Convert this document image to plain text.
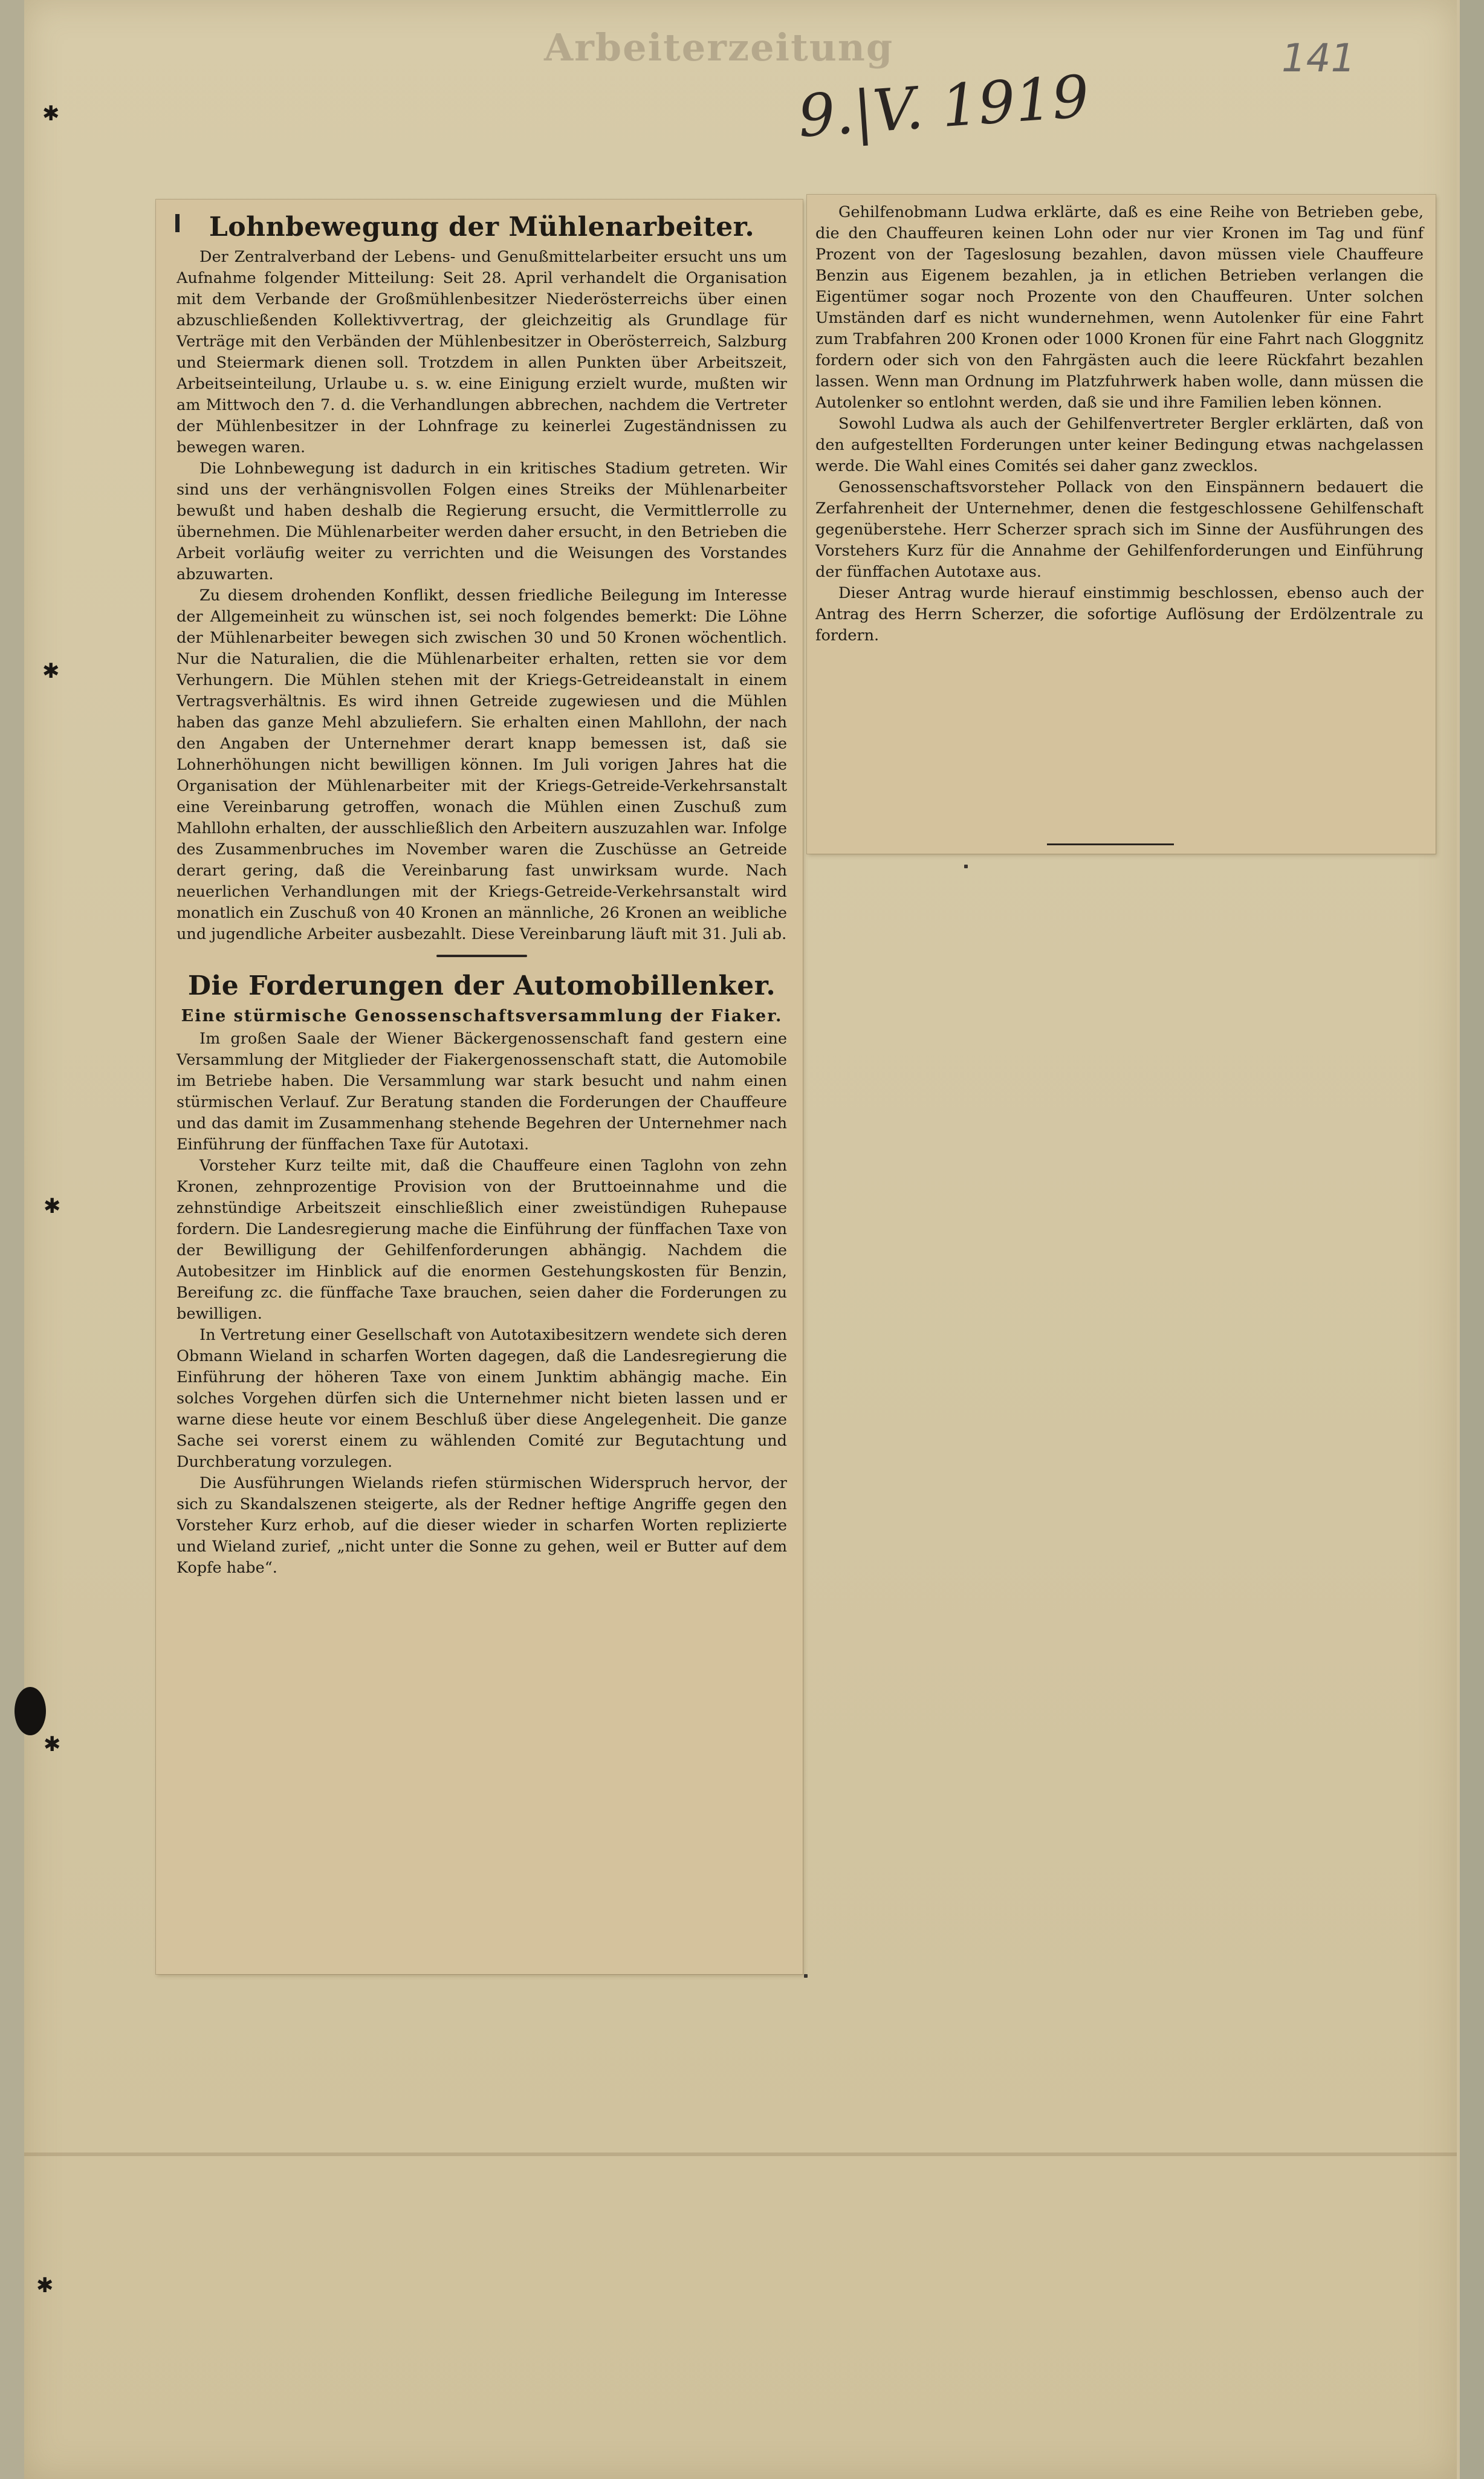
Arbeiterzeitung
9.|V. 1919
141
✱
✱
✱
✱
✱
Lohnbewegung der Mühlenarbeiter.

Der Zentralverband der Lebens- und Genußmittelarbeiter ersucht uns um Aufnahme folgender Mitteilung: Seit 28. April verhandelt die Organisation mit dem Verbande der Großmühlenbesitzer Niederösterreichs über einen abzuschließenden Kollektivvertrag, der gleichzeitig als Grundlage für Verträge mit den Verbänden der Mühlenbesitzer in Oberösterreich, Salzburg und Steiermark dienen soll. Trotzdem in allen Punkten über Arbeitszeit, Arbeitseinteilung, Urlaube u. s. w. eine Einigung erzielt wurde, mußten wir am Mittwoch den 7. d. die Verhandlungen abbrechen, nachdem die Vertreter der Mühlenbesitzer in der Lohnfrage zu keinerlei Zugeständnissen zu bewegen waren.

Die Lohnbewegung ist dadurch in ein kritisches Stadium getreten. Wir sind uns der verhängnisvollen Folgen eines Streiks der Mühlenarbeiter bewußt und haben deshalb die Regierung ersucht, die Vermittlerrolle zu übernehmen. Die Mühlenarbeiter werden daher ersucht, in den Betrieben die Arbeit vorläufig weiter zu verrichten und die Weisungen des Vorstandes abzuwarten.

Zu diesem drohenden Konflikt, dessen friedliche Beilegung im Interesse der Allgemeinheit zu wünschen ist, sei noch folgendes bemerkt: Die Löhne der Mühlenarbeiter bewegen sich zwischen 30 und 50 Kronen wöchentlich. Nur die Naturalien, die die Mühlenarbeiter erhalten, retten sie vor dem Verhungern. Die Mühlen stehen mit der Kriegs-Getreideanstalt in einem Vertragsverhältnis. Es wird ihnen Getreide zugewiesen und die Mühlen haben das ganze Mehl abzuliefern. Sie erhalten einen Mahllohn, der nach den Angaben der Unternehmer derart knapp bemessen ist, daß sie Lohnerhöhungen nicht bewilligen können. Im Juli vorigen Jahres hat die Organisation der Mühlenarbeiter mit der Kriegs-Getreide-Verkehrsanstalt eine Vereinbarung getroffen, wonach die Mühlen einen Zuschuß zum Mahllohn erhalten, der ausschließlich den Arbeitern auszuzahlen war. Infolge des Zusammenbruches im November waren die Zuschüsse an Getreide derart gering, daß die Vereinbarung fast unwirksam wurde. Nach neuerlichen Verhandlungen mit der Kriegs-Getreide-Verkehrsanstalt wird monatlich ein Zuschuß von 40 Kronen an männliche, 26 Kronen an weibliche und jugendliche Arbeiter ausbezahlt. Diese Vereinbarung läuft mit 31. Juli ab.

Die Forderungen der Automobillenker.
Eine stürmische Genossenschaftsversammlung der Fiaker.

Im großen Saale der Wiener Bäckergenossenschaft fand gestern eine Versammlung der Mitglieder der Fiakergenossenschaft statt, die Automobile im Betriebe haben. Die Versammlung war stark besucht und nahm einen stürmischen Verlauf. Zur Beratung standen die Forderungen der Chauffeure und das damit im Zusammenhang stehende Begehren der Unternehmer nach Einführung der fünffachen Taxe für Autotaxi.

Vorsteher Kurz teilte mit, daß die Chauffeure einen Taglohn von zehn Kronen, zehnprozentige Provision von der Bruttoeinnahme und die zehnstündige Arbeitszeit einschließlich einer zweistündigen Ruhepause fordern. Die Landesregierung mache die Einführung der fünffachen Taxe von der Bewilligung der Gehilfenforderungen abhängig. Nachdem die Autobesitzer im Hinblick auf die enormen Gestehungskosten für Benzin, Bereifung zc. die fünffache Taxe brauchen, seien daher die Forderungen zu bewilligen.

In Vertretung einer Gesellschaft von Autotaxibesitzern wendete sich deren Obmann Wieland in scharfen Worten dagegen, daß die Landesregierung die Einführung der höheren Taxe von einem Junktim abhängig mache. Ein solches Vorgehen dürfen sich die Unternehmer nicht bieten lassen und er warne diese heute vor einem Beschluß über diese Angelegenheit. Die ganze Sache sei vorerst einem zu wählenden Comité zur Begutachtung und Durchberatung vorzulegen.

Die Ausführungen Wielands riefen stürmischen Widerspruch hervor, der sich zu Skandalszenen steigerte, als der Redner heftige Angriffe gegen den Vorsteher Kurz erhob, auf die dieser wieder in scharfen Worten replizierte und Wieland zurief, „nicht unter die Sonne zu gehen, weil er Butter auf dem Kopfe habe“.

Gehilfenobmann Ludwa erklärte, daß es eine Reihe von Betrieben gebe, die den Chauffeuren keinen Lohn oder nur vier Kronen im Tag und fünf Prozent von der Tageslosung bezahlen, davon müssen viele Chauffeure Benzin aus Eigenem bezahlen, ja in etlichen Betrieben verlangen die Eigentümer sogar noch Prozente von den Chauffeuren. Unter solchen Umständen darf es nicht wundernehmen, wenn Autolenker für eine Fahrt zum Trabfahren 200 Kronen oder 1000 Kronen für eine Fahrt nach Gloggnitz fordern oder sich von den Fahrgästen auch die leere Rückfahrt bezahlen lassen. Wenn man Ordnung im Platzfuhrwerk haben wolle, dann müssen die Autolenker so entlohnt werden, daß sie und ihre Familien leben können.

Sowohl Ludwa als auch der Gehilfenvertreter Bergler erklärten, daß von den aufgestellten Forderungen unter keiner Bedingung etwas nachgelassen werde. Die Wahl eines Comités sei daher ganz zwecklos.

Genossenschaftsvorsteher Pollack von den Einspännern bedauert die Zerfahrenheit der Unternehmer, denen die festgeschlossene Gehilfenschaft gegenüberstehe. Herr Scherzer sprach sich im Sinne der Ausführungen des Vorstehers Kurz für die Annahme der Gehilfenforderungen und Einführung der fünffachen Autotaxe aus.

Dieser Antrag wurde hierauf einstimmig beschlossen, ebenso auch der Antrag des Herrn Scherzer, die sofortige Auflösung der Erdölzentrale zu fordern.
